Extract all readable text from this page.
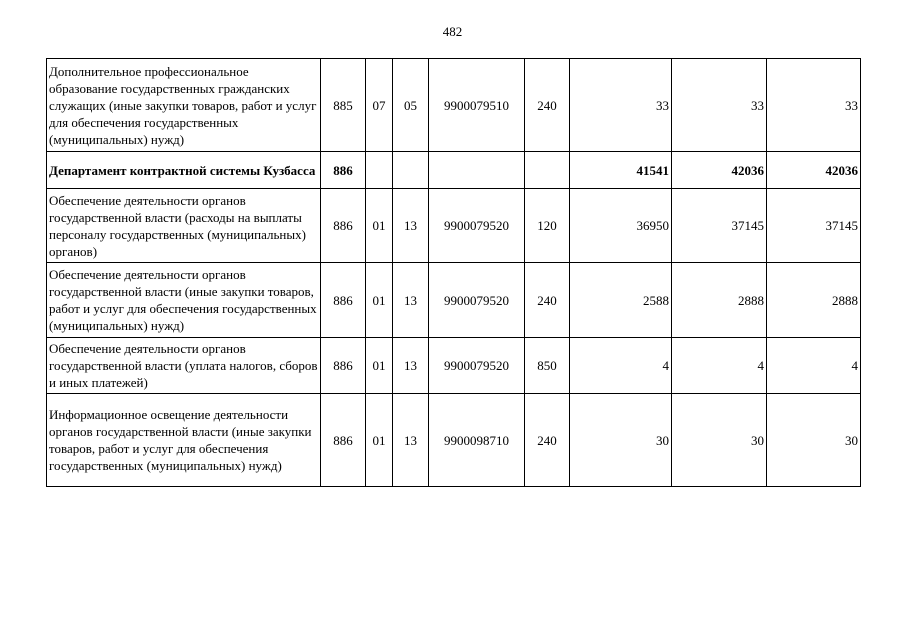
482
Дополнительное профессиональное образование государственных гражданских служащих (иные закупки товаров, работ и услуг для обеспечения государственных (муниципальных) нужд)	885	07	05	9900079510	240	33	33	33
Департамент контрактной системы Кузбасса	886					41541	42036	42036
Обеспечение деятельности органов государственной власти (расходы на выплаты персоналу государственных (муниципальных) органов)	886	01	13	9900079520	120	36950	37145	37145
Обеспечение деятельности органов государственной власти (иные закупки товаров, работ и услуг для обеспечения государственных (муниципальных) нужд)	886	01	13	9900079520	240	2588	2888	2888
Обеспечение деятельности органов государственной власти (уплата налогов, сборов и иных платежей)	886	01	13	9900079520	850	4	4	4
Информационное освещение деятельности органов государственной власти (иные закупки товаров, работ и услуг для обеспечения государственных (муниципальных) нужд)	886	01	13	9900098710	240	30	30	30
